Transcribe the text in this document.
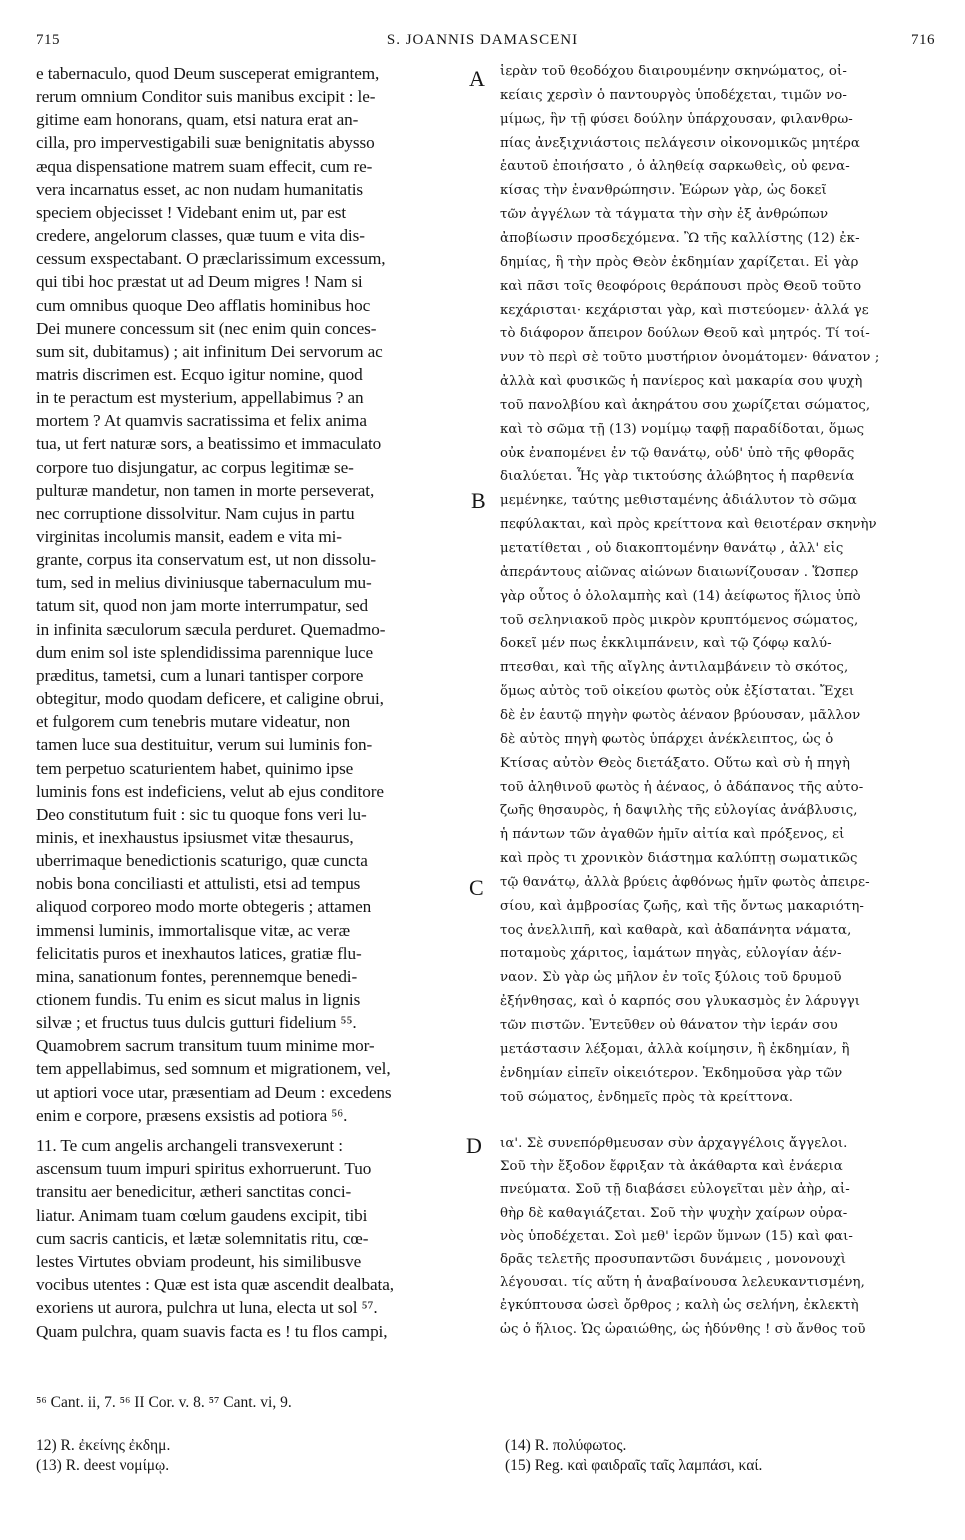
715	S. JOANNIS DAMASCENI	716
e tabernaculo, quod Deum susceperat emigrantem,
rerum omnium Conditor suis manibus excipit : le-
gitime eam honorans, quam, etsi natura erat an-
cilla, pro impervestigabili suæ benignitatis abysso
æqua dispensatione matrem suam effecit, cum re-
vera incarnatus esset, ac non nudam humanitatis
speciem objecisset ! Videbant enim ut, par est
credere, angelorum classes, quæ tuum e vita dis-
cessum exspectabant. O præclarissimum excessum,
qui tibi hoc præstat ut ad Deum migres ! Nam si
cum omnibus quoque Deo afflatis hominibus hoc
Dei munere concessum sit (nec enim quin conces-
sum sit, dubitamus) ; ait infinitum Dei servorum ac
matris discrimen est. Ecquo igitur nomine, quod
in te peractum est mysterium, appellabimus ? an
mortem ? At quamvis sacratissima et felix anima
tua, ut fert naturæ sors, a beatissimo et immaculato
corpore tuo disjungatur, ac corpus legitimæ se-
pulturæ mandetur, non tamen in morte perseverat,
nec corruptione dissolvitur. Nam cujus in partu
virginitas incolumis mansit, eadem e vita mi-
grante, corpus ita conservatum est, ut non dissolu-
tum, sed in melius diviniusque tabernaculum mu-
tatum sit, quod non jam morte interrumpatur, sed
in infinita sæculorum sæcula perduret. Quemadmo-
dum enim sol iste splendidissima parennique luce
præditus, tametsi, cum a lunari tantisper corpore
obtegitur, modo quodam deficere, et caligine obrui,
et fulgorem cum tenebris mutare videatur, non
tamen luce sua destituitur, verum sui luminis fon-
tem perpetuo scaturientem habet, quinimo ipse
luminis fons est indeficiens, velut ab ejus conditore
Deo constitutum fuit : sic tu quoque fons veri lu-
minis, et inexhaustus ipsiusmet vitæ thesaurus,
uberrimaque benedictionis scaturigo, quæ cuncta
nobis bona conciliasti et attulisti, etsi ad tempus
aliquod corporeo modo morte obtegeris ; attamen
immensi luminis, immortalisque vitæ, ac veræ
felicitatis puros et inexhautos latices, gratiæ flu-
mina, sanationum fontes, perennemque benedi-
ctionem fundis. Tu enim es sicut malus in lignis
silvæ ; et fructus tuus dulcis gutturi fidelium ⁵⁵.
Quamobrem sacrum transitum tuum minime mor-
tem appellabimus, sed somnum et migrationem, vel,
ut aptiori voce utar, præsentiam ad Deum : excedens
enim e corpore, præsens exsistis ad potiora ⁵⁶.
ἱερὰν τοῦ θεοδόχου διαιρουμένην σκηνώματος, οἰ-
κείαις χερσὶν ὁ παντουργὸς ὑποδέχεται, τιμῶν νο-
μίμως, ἣν τῇ φύσει δούλην ὑπάρχουσαν, φιλανθρω-
πίας ἀνεξιχνιάστοις πελάγεσιν οἰκονομικῶς μητέρα
ἑαυτοῦ ἐποιήσατο , ὁ ἀληθείᾳ σαρκωθεὶς, οὐ φενα-
κίσας τὴν ἐνανθρώπησιν. Ἑώρων γὰρ, ὡς δοκεῖ
τῶν ἀγγέλων τὰ τάγματα τὴν σὴν ἐξ ἀνθρώπων
ἀποβίωσιν προσδεχόμενα. Ὢ τῆς καλλίστης (12) ἐκ-
δημίας, ἣ τὴν πρὸς Θεὸν ἐκδημίαν χαρίζεται. Εἰ γὰρ
καὶ πᾶσι τοῖς θεοφόροις θεράπουσι πρὸς Θεοῦ τοῦτο
κεχάρισται· κεχάρισται γὰρ, καὶ πιστεύομεν· ἀλλά γε
τὸ διάφορον ἄπειρον δούλων Θεοῦ καὶ μητρός. Τί τοί-
νυν τὸ περὶ σὲ τοῦτο μυστήριον ὀνομάτομεν· θάνατον ;
ἀλλὰ καὶ φυσικῶς ἡ πανίερος καὶ μακαρία σου ψυχὴ
τοῦ πανολβίου καὶ ἀκηράτου σου χωρίζεται σώματος,
καὶ τὸ σῶμα τῇ (13) νομίμῳ ταφῇ παραδίδοται, ὅμως
οὐκ ἐναπομένει ἐν τῷ θανάτῳ, οὐδ' ὑπὸ τῆς φθορᾶς
διαλύεται. Ἧς γὰρ τικτούσης ἀλώβητος ἡ παρθενία
μεμένηκε, ταύτης μεθισταμένης ἀδιάλυτον τὸ σῶμα
πεφύλακται, καὶ πρὸς κρείττονα καὶ θειοτέραν σκηνὴν
μετατίθεται , οὐ διακοπτομένην θανάτῳ , ἀλλ' εἰς
ἀπεράντους αἰῶνας αἰώνων διαιωνίζουσαν . Ὥσπερ
γὰρ οὗτος ὁ ὁλολαμπὴς καὶ (14) ἀείφωτος ἥλιος ὑπὸ
τοῦ σεληνιακοῦ πρὸς μικρὸν κρυπτόμενος σώματος,
δοκεῖ μέν πως ἐκκλιμπάνειν, καὶ τῷ ζόφῳ καλύ-
πτεσθαι, καὶ τῆς αἴγλης ἀντιλαμβάνειν τὸ σκότος,
ὅμως αὐτὸς τοῦ οἰκείου φωτὸς οὐκ ἐξίσταται. Ἔχει
δὲ ἐν ἑαυτῷ πηγὴν φωτὸς ἀέναον βρύουσαν, μᾶλλον
δὲ αὐτὸς πηγὴ φωτὸς ὑπάρχει ἀνέκλειπτος, ὡς ὁ
Κτίσας αὐτὸν Θεὸς διετάξατο. Οὕτω καὶ σὺ ἡ πηγὴ
τοῦ ἀληθινοῦ φωτὸς ἡ ἀέναος, ὁ ἀδάπανος τῆς αὐτο-
ζωῆς θησαυρὸς, ἡ δαψιλὴς τῆς εὐλογίας ἀνάβλυσις,
ἡ πάντων τῶν ἀγαθῶν ἡμῖν αἰτία καὶ πρόξενος, εἰ
καὶ πρὸς τι χρονικὸν διάστημα καλύπτῃ σωματικῶς
τῷ θανάτῳ, ἀλλὰ βρύεις ἀφθόνως ἡμῖν φωτὸς ἀπειρε-
σίου, καὶ ἀμβροσίας ζωῆς, καὶ τῆς ὄντως μακαριότη-
τος ἀνελλιπῆ, καὶ καθαρὰ, καὶ ἀδαπάνητα νάματα,
ποταμοὺς χάριτος, ἰαμάτων πηγὰς, εὐλογίαν ἀέν-
ναον. Σὺ γὰρ ὡς μῆλον ἐν τοῖς ξύλοις τοῦ δρυμοῦ
ἐξήνθησας, καὶ ὁ καρπός σου γλυκασμὸς ἐν λάρυγγι
τῶν πιστῶν. Ἐντεῦθεν οὐ θάνατον τὴν ἱεράν σου
μετάστασιν λέξομαι, ἀλλὰ κοίμησιν, ἢ ἐκδημίαν, ἢ
ἐνδημίαν εἰπεῖν οἰκειότερον. Ἐκδημοῦσα γὰρ τῶν
τοῦ σώματος, ἐνδημεῖς πρὸς τὰ κρείττονα.
11. Te cum angelis archangeli transvexerunt :
ascensum tuum impuri spiritus exhorruerunt. Tuo
transitu aer benedicitur, ætheri sanctitas conci-
liatur. Animam tuam cœlum gaudens excipit, tibi
cum sacris canticis, et lætæ solemnitatis ritu, cœ-
lestes Virtutes obviam prodeunt, his similibusve
vocibus utentes : Quæ est ista quæ ascendit dealbata,
exoriens ut aurora, pulchra ut luna, electa ut sol ⁵⁷.
Quam pulchra, quam suavis facta es ! tu flos campi,
ια'. Σὲ συνεπόρθμευσαν σὺν ἀρχαγγέλοις ἄγγελοι.
Σοῦ τὴν ἔξοδον ἔφριξαν τὰ ἀκάθαρτα καὶ ἐνάερια
πνεύματα. Σοῦ τῇ διαβάσει εὐλογεῖται μὲν ἀὴρ, αἰ-
θὴρ δὲ καθαγιάζεται. Σοῦ τὴν ψυχὴν χαίρων οὐρα-
νὸς ὑποδέχεται. Σοὶ μεθ' ἱερῶν ὕμνων (15) καὶ φαι-
δρᾶς τελετῆς προσυπαντῶσι δυνάμεις , μονονουχὶ
λέγουσαι. τίς αὕτη ἡ ἀναβαίνουσα λελευκαντισμένη,
ἐγκύπτουσα ὡσεὶ ὄρθρος ; καλὴ ὡς σελήνη, ἐκλεκτὴ
ὡς ὁ ἥλιος. Ὡς ὡραιώθης, ὡς ἡδύνθης ! σὺ ἄνθος τοῦ
A
B
C
D
⁵⁶ Cant. ii, 7. ⁵⁶ II Cor. v. 8. ⁵⁷ Cant. vi, 9.
12) R. ἐκείνης ἐκδημ.
(13) R. deest νομίμῳ.
(14) R. πολύφωτος.
(15) Reg. καὶ φαιδραῖς ταῖς λαμπάσι, καί.
